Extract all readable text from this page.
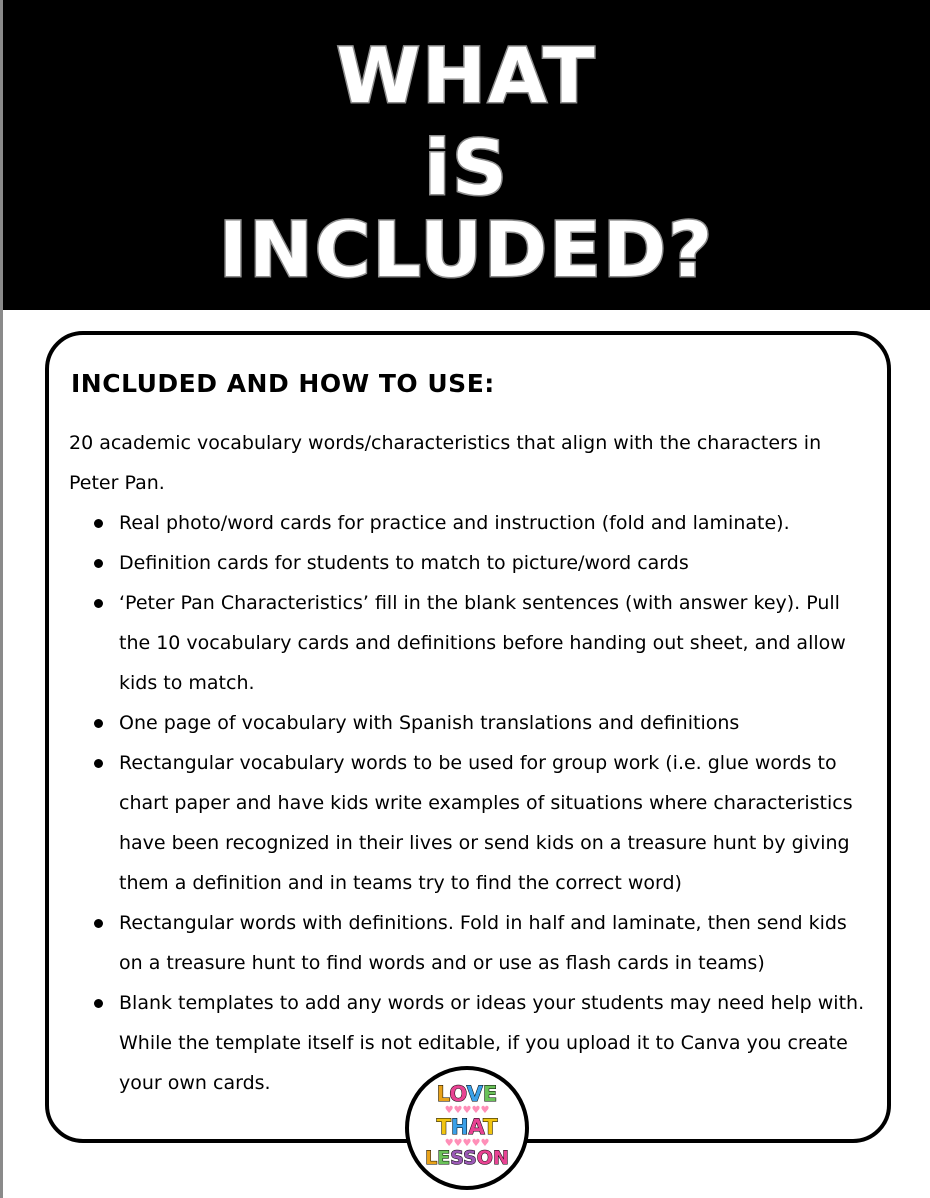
WHAT
iS
INCLUDED?
INCLUDED AND HOW TO USE:

20 academic vocabulary words/characteristics that align with the characters in Peter Pan.

Real photo/word cards for practice and instruction (fold and laminate).
Definition cards for students to match to picture/word cards
‘Peter Pan Characteristics’ fill in the blank sentences (with answer key). Pull the 10 vocabulary cards and definitions before handing out sheet, and allow kids to match.
One page of vocabulary with Spanish translations and definitions
Rectangular vocabulary words to be used for group work (i.e. glue words to chart paper and have kids write examples of situations where characteristics have been recognized in their lives or send kids on a treasure hunt by giving them a definition and in teams try to find the correct word)
Rectangular words with definitions. Fold in half and laminate, then send kids on a treasure hunt to find words and or use as flash cards in teams)
Blank templates to add any words or ideas your students may need help with. While the template itself is not editable, if you upload it to Canva you create your own cards.	LOVE
♥♥♥♥♥
THAT
♥♥♥♥♥
LESSON
